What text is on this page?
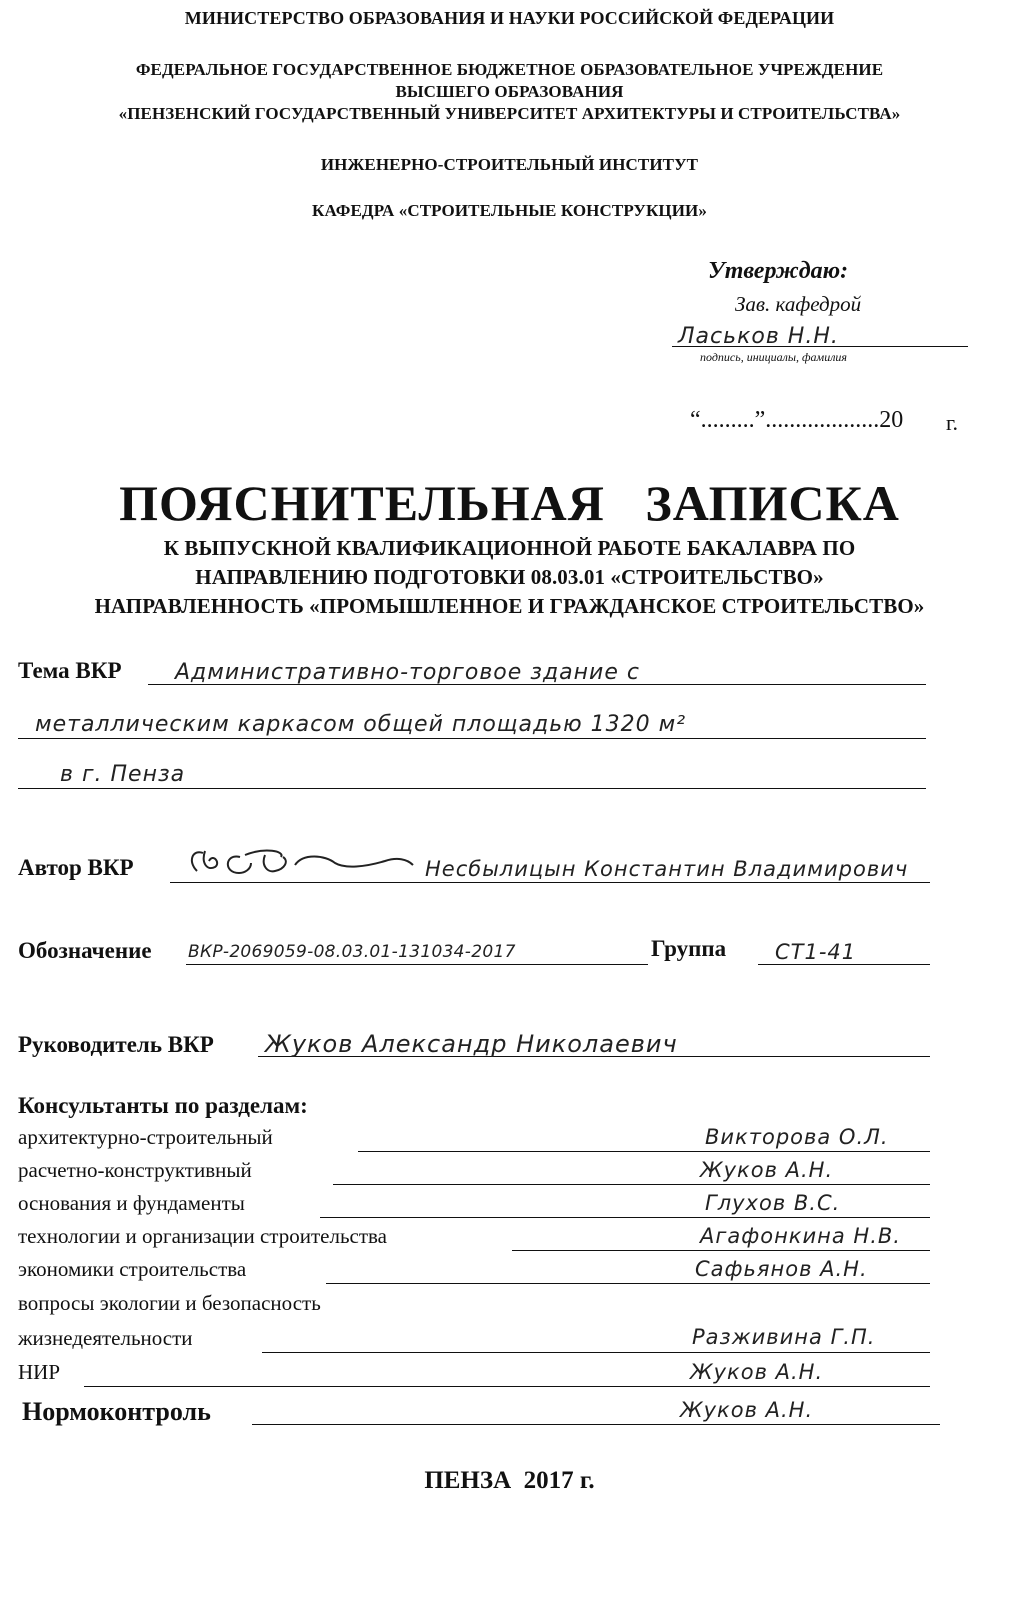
МИНИСТЕРСТВО ОБРАЗОВАНИЯ И НАУКИ РОССИЙСКОЙ ФЕДЕРАЦИИ
ФЕДЕРАЛЬНОЕ ГОСУДАРСТВЕННОЕ БЮДЖЕТНОЕ ОБРАЗОВАТЕЛЬНОЕ УЧРЕЖДЕНИЕ
ВЫСШЕГО ОБРАЗОВАНИЯ
«ПЕНЗЕНСКИЙ ГОСУДАРСТВЕННЫЙ УНИВЕРСИТЕТ АРХИТЕКТУРЫ И СТРОИТЕЛЬСТВА»
ИНЖЕНЕРНО-СТРОИТЕЛЬНЫЙ ИНСТИТУТ
КАФЕДРА «СТРОИТЕЛЬНЫЕ КОНСТРУКЦИИ»
Утверждаю:
Зав. кафедрой
Ласьков Н.Н.
подпись, инициалы, фамилия
“.........”...................20 г.
ПОЯСНИТЕЛЬНАЯ   ЗАПИСКА
К ВЫПУСКНОЙ КВАЛИФИКАЦИОННОЙ РАБОТЕ БАКАЛАВРА ПО
НАПРАВЛЕНИЮ ПОДГОТОВКИ 08.03.01 «СТРОИТЕЛЬСТВО»
НАПРАВЛЕННОСТЬ «ПРОМЫШЛЕННОЕ И ГРАЖДАНСКОЕ СТРОИТЕЛЬСТВО»
Тема ВКР Административно-торговое здание с
металлическим каркасом общей площадью 1320 м²
в г. Пенза
Автор ВКР	Несбылицын Константин Владимирович
Обозначение ВКР-2069059-08.03.01-131034-2017	Группа СТ1-41
Руководитель ВКР Жуков Александр Николаевич
Консультанты по разделам:
архитектурно-строительный	Викторова О.Л.
расчетно-конструктивный	Жуков А.Н.
основания и фундаменты	Глухов В.С.
технологии и организации строительства	Агафонкина Н.В.
экономики строительства	Сафьянов А.Н.
вопросы экологии и безопасность
жизнедеятельности	Разживина Г.П.
НИР	Жуков А.Н.
Нормоконтроль	Жуков А.Н.
ПЕНЗА  2017 г.
